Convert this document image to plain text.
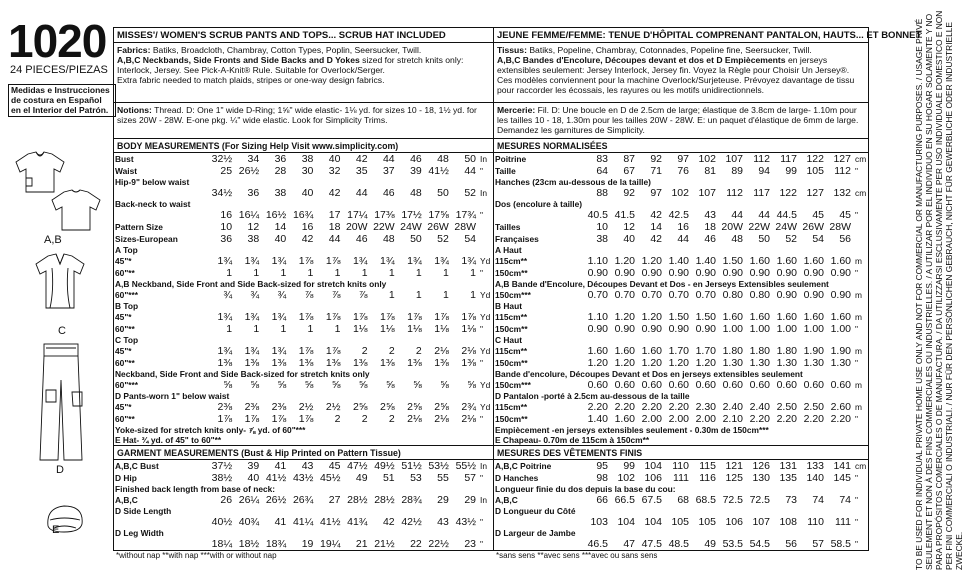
1020
24 PIECES/PIEZAS
Medidas e Instrucciones de costura en Español en el Interior del Patrón.
A,B
C
D
E
MISSES'/ WOMEN'S SCRUB PANTS AND TOPS... SCRUB HAT INCLUDED
Fabrics: Batiks, Broadcloth, Chambray, Cotton Types, Poplin, Seersucker, Twill.
A,B,C Neckbands, Side Fronts and Side Backs and D Yokes sized for stretch knits only: Interlock, Jersey. See Pick-A-Knit® Rule. Suitable for Overlock/Serger.
Extra fabric needed to match plaids, stripes or one-way design fabrics.
Notions: Thread. D: One 1" wide D-Ring; 1⅝" wide elastic- 1⅛ yd. for sizes 10 - 18, 1½ yd. for sizes 20W - 28W. E-one pkg. ¼" wide elastic. Look for Simplicity Trims.
BODY MEASUREMENTS (For Sizing Help Visit www.simplicity.com)
Bust	32½	34	36	38	40	42	44	46	48	50	In
Waist	25	26½	28	30	32	35	37	39	41½	44	"
Hip-9" below waist											
	34½	36	38	40	42	44	46	48	50	52	In
Back-neck to waist											
	16	16¼	16½	16¾	17	17¼	17⅜	17½	17⅝	17¾	"
Pattern Size	10	12	14	16	18	20W	22W	24W	26W	28W	
Sizes-European	36	38	40	42	44	46	48	50	52	54	
A Top											
45"*	1¾	1¾	1¾	1⅞	1⅞	1¾	1¾	1¾	1¾	1¾	Yd
60"**	1	1	1	1	1	1	1	1	1	1	"
A,B Neckband, Side Front and Side Back-sized for stretch knits only											
60"***	¾	¾	¾	⅞	⅞	⅞	1	1	1	1	Yd
B Top											
45"*	1¾	1¾	1¾	1⅞	1⅞	1⅞	1⅞	1⅞	1⅞	1⅞	Yd
60"**	1	1	1	1	1	1⅛	1⅛	1⅛	1⅛	1⅛	"
C Top											
45"*	1¾	1¾	1¾	1⅞	1⅞	2	2	2	2⅛	2⅛	Yd
60"**	1⅜	1⅜	1⅜	1⅜	1⅜	1⅜	1⅜	1⅜	1⅜	1⅜	"
Neckband, Side Front and Side Back-sized for stretch knits only											
60"***	⅝	⅝	⅝	⅝	⅝	⅝	⅝	⅝	⅝	⅝	Yd
D Pants-worn 1" below waist											
45"*	2⅜	2⅜	2⅜	2½	2½	2⅝	2⅝	2⅝	2⅝	2¾	Yd
60"**	1⅞	1⅞	1⅞	1⅞	2	2	2	2⅛	2⅛	2⅛	"
Yoke-sized for stretch knits only- ⅞ yd. of 60"***											
E Hat- ¾ yd. of 45" to 60"**											
GARMENT MEASUREMENTS (Bust & Hip Printed on Pattern Tissue)
A,B,C Bust	37½	39	41	43	45	47½	49½	51½	53½	55½	In
D Hip	38½	40	41½	43½	45½	49	51	53	55	57	"
Finished back length from base of neck:											
A,B,C	26	26¼	26½	26¾	27	28½	28½	28¾	29	29	In
D Side Length											
	40½	40¾	41	41¼	41½	41¾	42	42½	43	43½	"
D Leg Width											
	18¼	18½	18¾	19	19¼	21	21½	22	22½	23	"
*without nap **with nap ***with or without nap
JEUNE FEMME/FEMME: TENUE D'HÔPITAL COMPRENANT PANTALON, HAUTS... ET BONNET
Tissus: Batiks, Popeline, Chambray, Cotonnades, Popeline fine, Seersucker, Twill.
A,B,C Bandes d'Encolure, Découpes devant et dos et D Empiècements en jerseys extensibles seulement: Jersey Interlock, Jersey fin. Voyez la Règle pour Choisir Un Jersey®.
Ces modèles conviennent pour la machine Overlock/Surjeteuse. Prévoyez davantage de tissu pour raccorder les écossais, les rayures ou les motifs unidirectionnels.
Mercerie: Fil. D: Une boucle en D de 2.5cm de large; élastique de 3.8cm de large- 1.10m pour les tailles 10 - 18, 1.30m pour les tailles 20W - 28W. E: un paquet d'élastique de 6mm de large. Demandez les garnitures de Simplicity.
MESURES NORMALISÉES
Poitrine	83	87	92	97	102	107	112	117	122	127	cm
Taille	64	67	71	76	81	89	94	99	105	112	"
Hanches (23cm au-dessous de la taille)											
	88	92	97	102	107	112	117	122	127	132	cm
Dos (encolure à taille)											
	40.5	41.5	42	42.5	43	44	44	44.5	45	45	"
Tailles	10	12	14	16	18	20W	22W	24W	26W	28W	
Françaises	38	40	42	44	46	48	50	52	54	56	
A Haut											
115cm**	1.10	1.20	1.20	1.40	1.40	1.50	1.60	1.60	1.60	1.60	m
150cm**	0.90	0.90	0.90	0.90	0.90	0.90	0.90	0.90	0.90	0.90	"
A,B Bande d'Encolure, Découpes Devant et Dos - en Jerseys Extensibles seulement											
150cm***	0.70	0.70	0.70	0.70	0.70	0.80	0.80	0.90	0.90	0.90	m
B Haut											
115cm**	1.10	1.20	1.20	1.50	1.50	1.60	1.60	1.60	1.60	1.60	m
150cm**	0.90	0.90	0.90	0.90	0.90	1.00	1.00	1.00	1.00	1.00	"
C Haut											
115cm**	1.60	1.60	1.60	1.70	1.70	1.80	1.80	1.80	1.90	1.90	m
150cm**	1.20	1.20	1.20	1.20	1.20	1.30	1.30	1.30	1.30	1.30	"
Bande d'encolure, Découpes Devant et Dos en jerseys extensibles seulement											
150cm***	0.60	0.60	0.60	0.60	0.60	0.60	0.60	0.60	0.60	0.60	m
D Pantalon -porté à 2.5cm au-dessous de la taille											
115cm**	2.20	2.20	2.20	2.20	2.30	2.40	2.40	2.50	2.50	2.60	m
150cm**	1.40	1.60	2.00	2.00	2.00	2.10	2.20	2.20	2.20	2.20	"
Empiècement -en jerseys extensibles seulement - 0.30m de 150cm***											
E Chapeau- 0.70m de 115cm à 150cm**											
MESURES DES VÊTEMENTS FINIS
A,B,C Poitrine	95	99	104	110	115	121	126	131	133	141	cm
D Hanches	98	102	106	111	116	125	130	135	140	145	"
Longueur finie du dos depuis la base du cou:											
A,B,C	66	66.5	67.5	68	68.5	72.5	72.5	73	74	74	"
D Longueur du Côté											
	103	104	104	105	105	106	107	108	110	111	"
D Largeur de Jambe											
	46.5	47	47.5	48.5	49	53.5	54.5	56	57	58.5	"
*sans sens **avec sens ***avec ou sans sens	TO BE USED FOR INDIVIDUAL PRIVATE HOME USE ONLY AND NOT FOR COMMERCIAL OR MANUFACTURING PURPOSES. / USAGE PRIVÉ SEULEMENT ET NON À DES FINS COMMERCIALES OU INDUSTRIELLES. / A UTILIZAR POR EL INDIVIDUO EN SU HOGAR SOLAMENTE Y NO PARA PROPÓSITOS COMERCIALES O DE MANUFACTURA. / DA UTILIZZARSI ESCLUSIVAMENTE PER USO INDIVIDUALE DOMESTICO E NON PER FINI COMMERCIALI O INDUSTRIALI. / NUR FÜR DEN PERSÖNLICHEN GEBRAUCH, NICHT FÜR GEWERBLICHE ODER INDUSTRIELLE ZWECKE.
